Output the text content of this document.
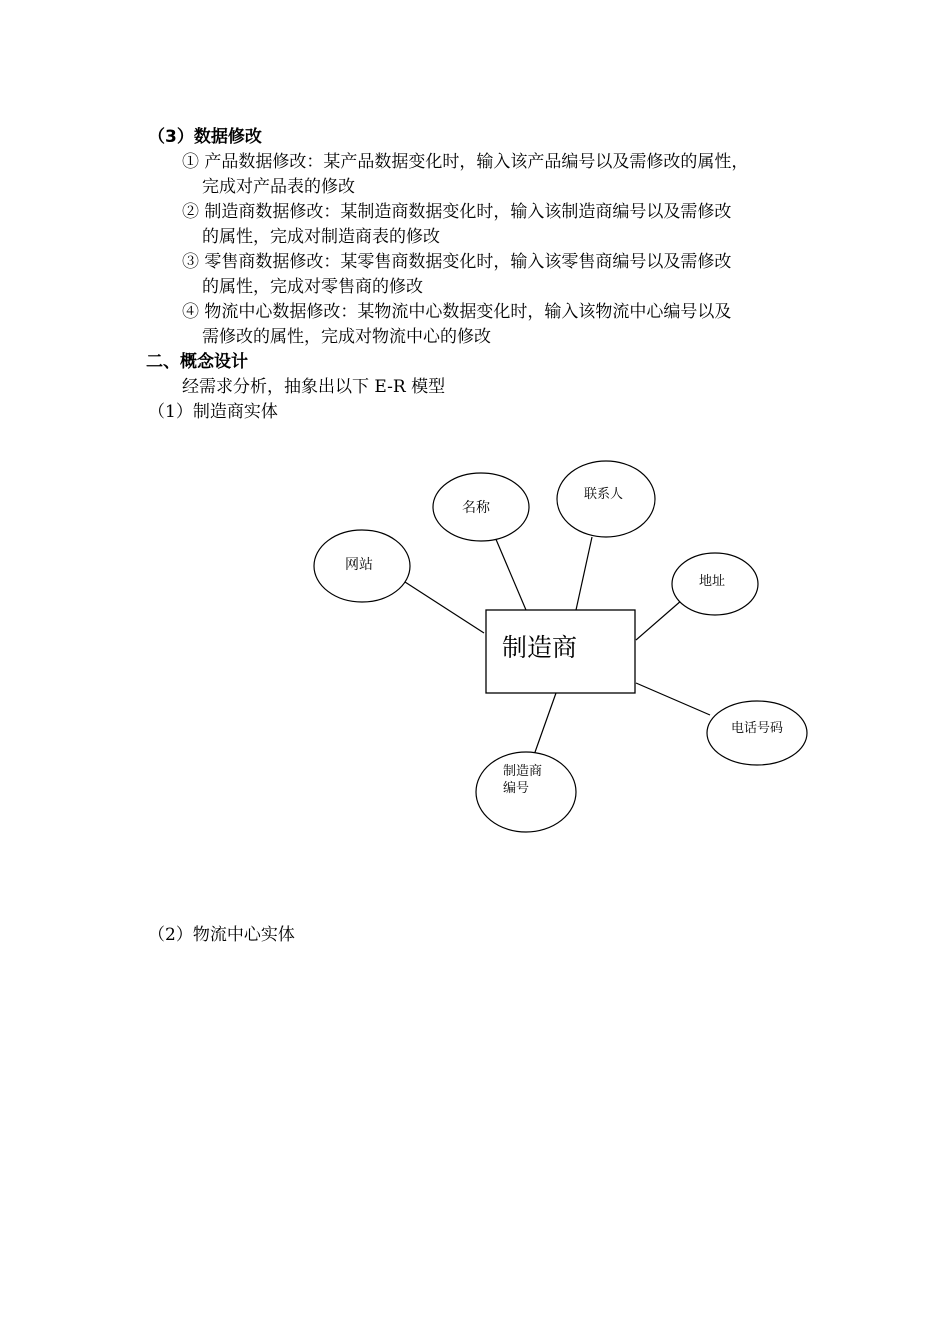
（3）数据修改
① 产品数据修改：某产品数据变化时，输入该产品编号以及需修改的属性，
完成对产品表的修改
② 制造商数据修改：某制造商数据变化时，输入该制造商编号以及需修改
的属性，完成对制造商表的修改
③ 零售商数据修改：某零售商数据变化时，输入该零售商编号以及需修改
的属性，完成对零售商的修改
④ 物流中心数据修改：某物流中心数据变化时，输入该物流中心编号以及
需修改的属性，完成对物流中心的修改
二、概念设计
经需求分析，抽象出以下 E-R 模型
（1）制造商实体
制造商
网站
名称
联系人
地址
电话号码
制造商
编号
（2）物流中心实体
